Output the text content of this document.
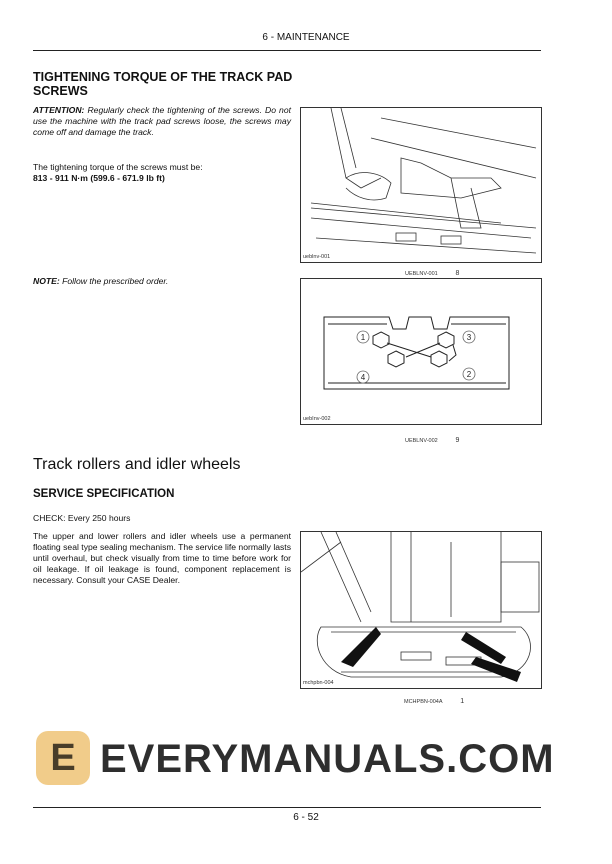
6 - MAINTENANCE
TIGHTENING TORQUE OF THE TRACK PAD SCREWS
ATTENTION: Regularly check the tightening of the screws. Do not use the machine with the track pad screws loose, the screws may come off and damage the track.
The tightening torque of the screws must be:
813 - 911 N·m (599.6 - 671.9 lb ft)
NOTE: Follow the prescribed order.
ueblnv-001
UEBLNV-001	8
1
2
3
4
uebInv-002
UEBLNV-002	9
Track rollers and idler wheels
SERVICE SPECIFICATION
CHECK: Every 250 hours
The upper and lower rollers and idler wheels use a permanent floating seal type sealing mechanism. The service life normally lasts until overhaul, but check visually from time to time before work for oil leakage. If oil leakage is found, component replacement is necessary. Consult your CASE Dealer.
mchpbn-004
MCHPBN-004A	1
E EVERYMANUALS.COM
6 - 52
